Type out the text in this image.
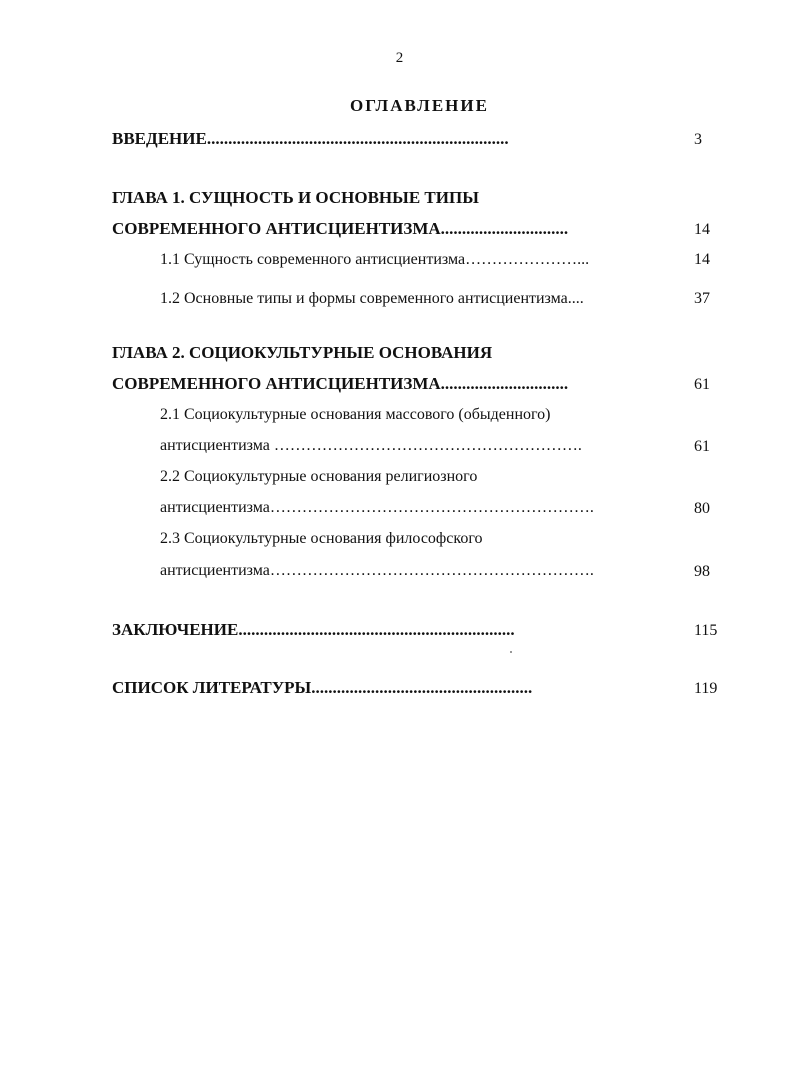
2
ОГЛАВЛЕНИЕ
ВВЕДЕНИЕ.......................................................................	3
ГЛАВА 1. СУЩНОСТЬ И ОСНОВНЫЕ ТИПЫ
СОВРЕМЕННОГО АНТИСЦИЕНТИЗМА..............................	14
1.1 Сущность современного антисциентизма…………………...	14
1.2 Основные типы и формы современного антисциентизма....	37
ГЛАВА 2. СОЦИОКУЛЬТУРНЫЕ ОСНОВАНИЯ
СОВРЕМЕННОГО АНТИСЦИЕНТИЗМА..............................	61
2.1 Социокультурные основания массового (обыденного)
антисциентизма ………………………………………………….	61
2.2 Социокультурные основания религиозного
антисциентизма…………………………………………………….	80
2.3 Социокультурные основания философского
антисциентизма…………………………………………………….	98
ЗАКЛЮЧЕНИЕ.................................................................	115
СПИСОК ЛИТЕРАТУРЫ....................................................	119
